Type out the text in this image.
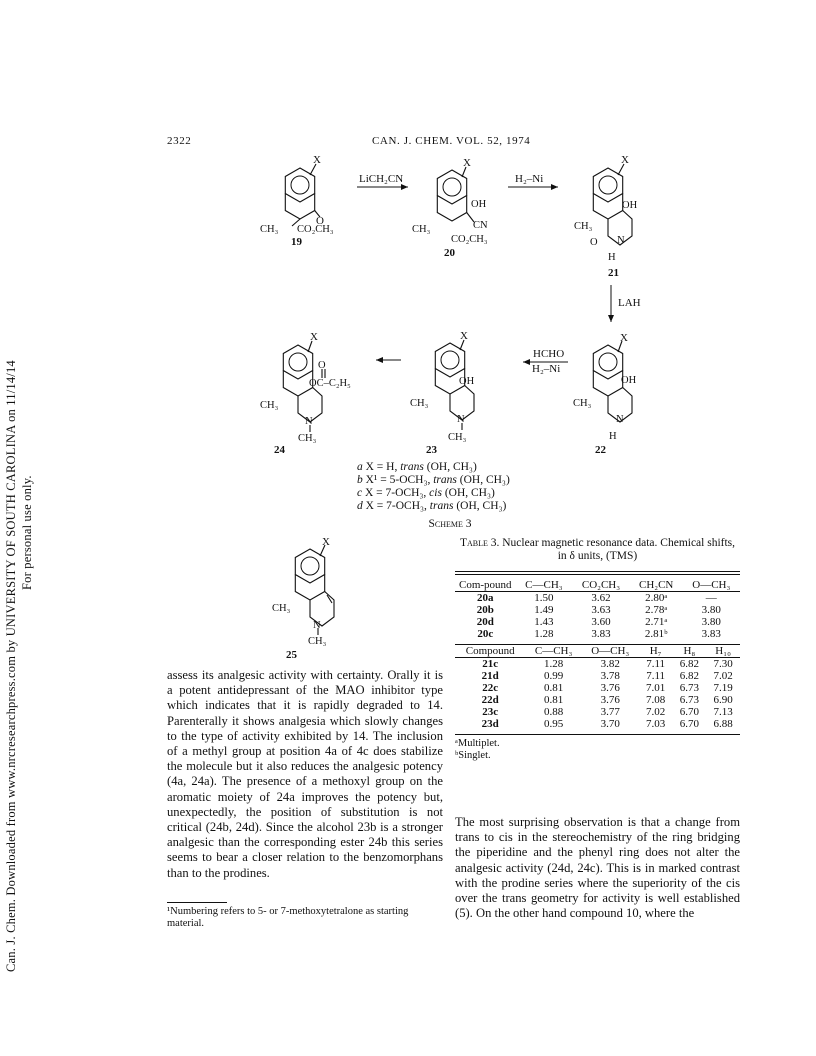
Can. J. Chem. Downloaded from www.nrcresearchpress.com by UNIVERSITY OF SOUTH CAROLINA on 11/14/14 For personal use only.
2322	CAN. J. CHEM. VOL. 52, 1974
X
O
CH₃ CO₂CH₃
19
LiCH₂CN
X
OH
CN
CH₃
CO₂CH₃
20
H₂–Ni
X
OH
CH₃
N
O
H
21
LAH
X
OH
CH₃
N
H
22
HCHO
H₂–Ni
X
OH
CH₃
N
CH₃
23
X
O
OC–C₂H₅
CH₃
N
CH₃
24
X
CH₃
N
CH₃
25
a X = H, trans (OH, CH₃)
b X¹ = 5-OCH₃, trans (OH, CH₃)
c X = 7-OCH₃, cis (OH, CH₃)
d X = 7-OCH₃, trans (OH, CH₃)
Scheme 3
Table 3. Nuclear magnetic resonance data. Chemical shifts, in δ units, (TMS)
Com-pound	C—CH₃	CO₂CH₃	CH₂CN	O—CH₃
20a	1.50	3.62	2.80ᵃ	—
20b	1.49	3.63	2.78ᵃ	3.80
20d	1.43	3.60	2.71ᵃ	3.80
20c	1.28	3.83	2.81ᵇ	3.83
Compound	C—CH₃	O—CH₃	H₇	H₈	H₁₀
21c	1.28	3.82	7.11	6.82	7.30
21d	0.99	3.78	7.11	6.82	7.02
22c	0.81	3.76	7.01	6.73	7.19
22d	0.81	3.76	7.08	6.73	6.90
23c	0.88	3.77	7.02	6.70	7.13
23d	0.95	3.70	7.03	6.70	6.88
ᵃMultiplet.
ᵇSinglet.

assess its analgesic activity with certainty. Orally it is a potent antidepressant of the MAO inhibitor type which indicates that it is rapidly degraded to 14. Parenterally it shows analgesia which slowly changes to the type of activity exhibited by 14. The inclusion of a methyl group at position 4a of 4c does stabilize the molecule but it also reduces the analgesic potency (4a, 24a). The presence of a methoxyl group on the aromatic moiety of 24a improves the potency but, unexpectedly, the position of substitution is not critical (24b, 24d). Since the alcohol 23b is a stronger analgesic than the corresponding ester 24b this series seems to bear a closer relation to the benzomorphans than to the prodines.

¹Numbering refers to 5- or 7-methoxytetralone as starting material.

The most surprising observation is that a change from trans to cis in the stereochemistry of the ring bridging the piperidine and the phenyl ring does not alter the analgesic activity (24d, 24c). This is in marked contrast with the prodine series where the superiority of the cis over the trans geometry for activity is well established (5). On the other hand compound 10, where the
